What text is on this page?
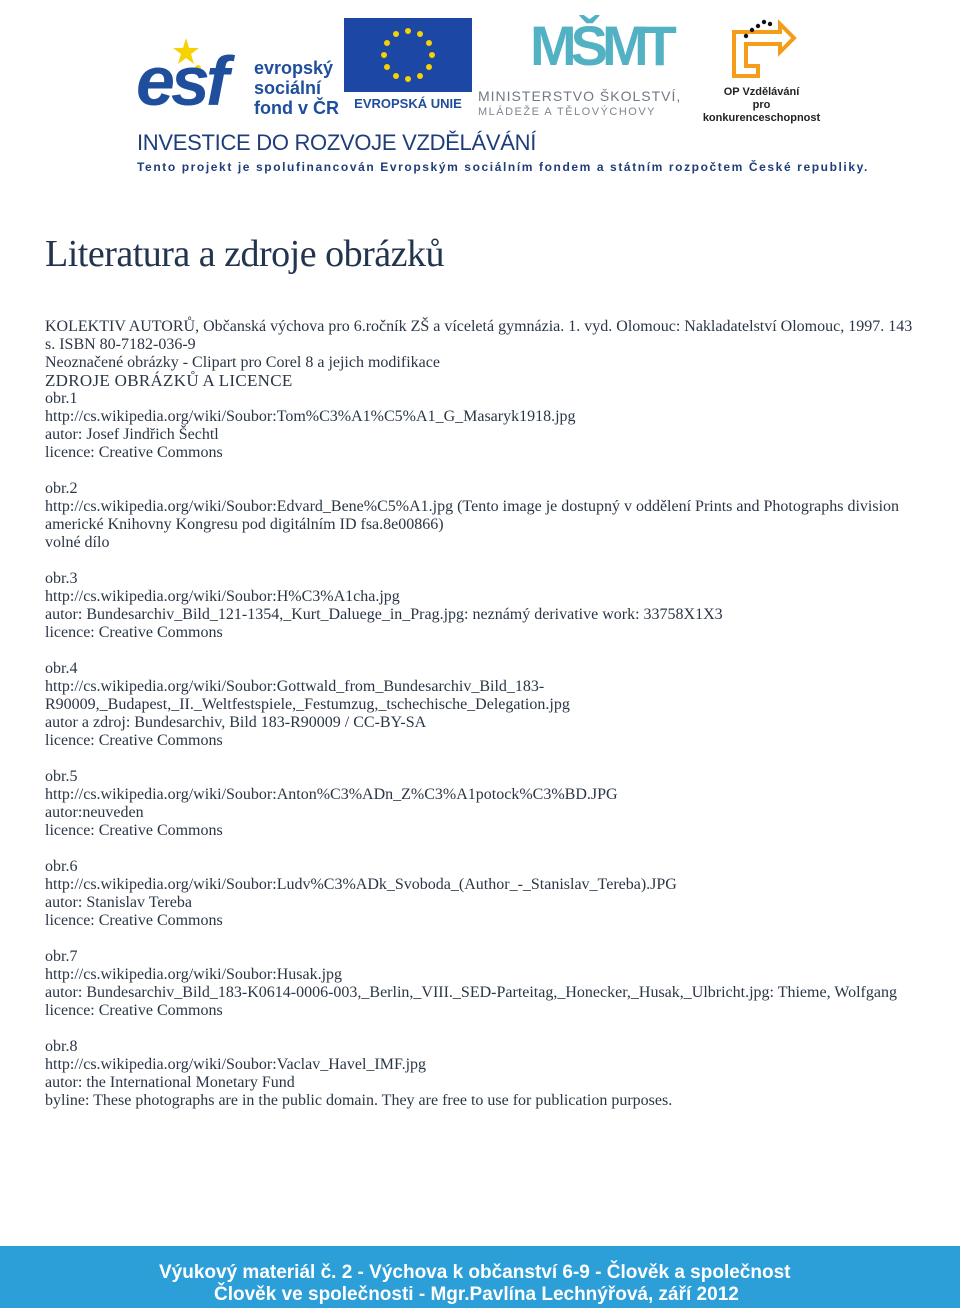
esf evropský
sociální
fond v ČR	EVROPSKÁ UNIE
MŠMT
MINISTERSTVO ŠKOLSTVÍ,
MLÁDEŽE A TĚLOVÝCHOVY
OP Vzdělávání
pro konkurenceschopnost
INVESTICE DO ROZVOJE VZDĚLÁVÁNÍ
Tento projekt je spolufinancován Evropským sociálním fondem a státním rozpočtem České republiky.
Literatura a zdroje obrázků

KOLEKTIV AUTORŮ, Občanská výchova pro 6.ročník ZŠ a víceletá gymnázia. 1. vyd. Olomouc: Nakladatelství Olomouc, 1997. 143 s. ISBN 80-7182-036-9

Neoznačené obrázky - Clipart pro Corel 8 a jejich modifikace

ZDROJE OBRÁZKŮ A LICENCE

obr.1
http://cs.wikipedia.org/wiki/Soubor:Tom%C3%A1%C5%A1_G_Masaryk1918.jpg
autor: Josef Jindřich Šechtl
licence: Creative Commons
obr.2
http://cs.wikipedia.org/wiki/Soubor:Edvard_Bene%C5%A1.jpg (Tento image je dostupný v oddělení Prints and Photographs division americké Knihovny Kongresu pod digitálním ID fsa.8e00866)
volné dílo
obr.3
http://cs.wikipedia.org/wiki/Soubor:H%C3%A1cha.jpg
autor: Bundesarchiv_Bild_121-1354,_Kurt_Daluege_in_Prag.jpg: neznámý derivative work: 33758X1X3
licence: Creative Commons
obr.4
http://cs.wikipedia.org/wiki/Soubor:Gottwald_from_Bundesarchiv_Bild_183-R90009,_Budapest,_II._Weltfestspiele,_Festumzug,_tschechische_Delegation.jpg
autor a zdroj: Bundesarchiv, Bild 183-R90009 / CC-BY-SA
licence: Creative Commons
obr.5
http://cs.wikipedia.org/wiki/Soubor:Anton%C3%ADn_Z%C3%A1potock%C3%BD.JPG
autor:neuveden
licence: Creative Commons
obr.6
http://cs.wikipedia.org/wiki/Soubor:Ludv%C3%ADk_Svoboda_(Author_-_Stanislav_Tereba).JPG
autor: Stanislav Tereba
licence: Creative Commons
obr.7
http://cs.wikipedia.org/wiki/Soubor:Husak.jpg
autor: Bundesarchiv_Bild_183-K0614-0006-003,_Berlin,_VIII._SED-Parteitag,_Honecker,_Husak,_Ulbricht.jpg: Thieme, Wolfgang
licence: Creative Commons
obr.8
http://cs.wikipedia.org/wiki/Soubor:Vaclav_Havel_IMF.jpg
autor: the International Monetary Fund
byline: These photographs are in the public domain. They are free to use for publication purposes.
Výukový materiál č. 2 - Výchova k občanství 6-9 - Člověk a společnost
Člověk ve společnosti - Mgr.Pavlína Lechnýřová, září 2012
